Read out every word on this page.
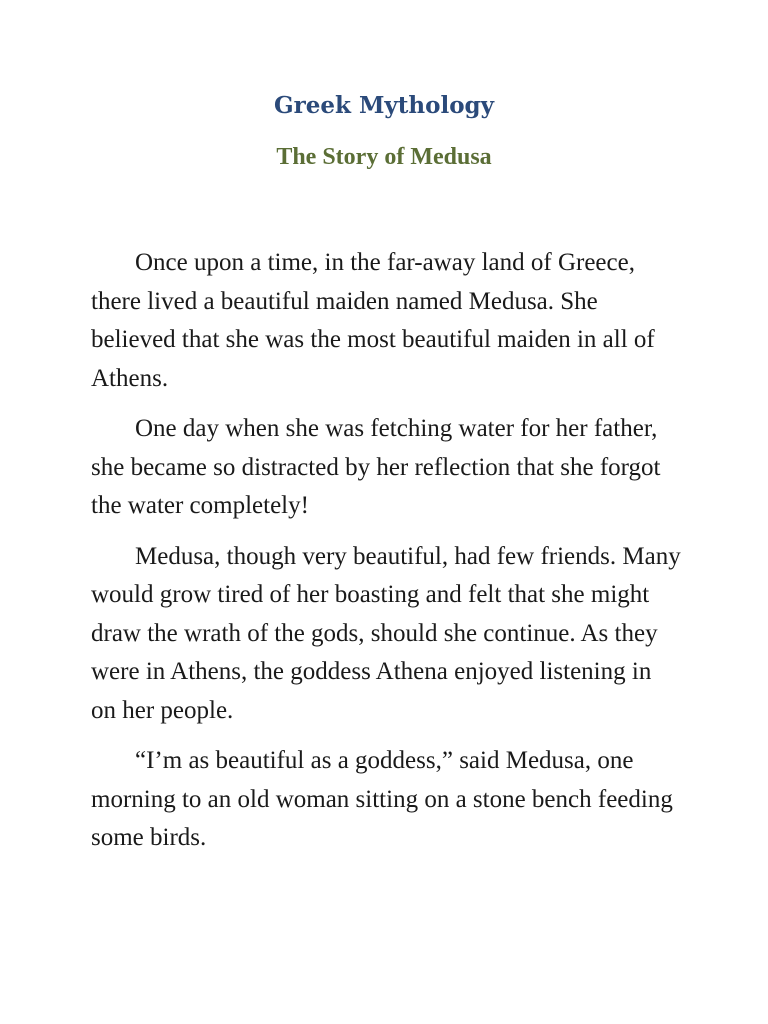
Greek Mythology
The Story of Medusa

Once upon a time, in the far-away land of Greece, there lived a beautiful maiden named Medusa. She believed that she was the most beautiful maiden in all of Athens.

One day when she was fetching water for her father, she became so distracted by her reflection that she forgot the water completely!

Medusa, though very beautiful, had few friends. Many would grow tired of her boasting and felt that she might draw the wrath of the gods, should she continue. As they were in Athens, the goddess Athena enjoyed listening in on her people.

“I’m as beautiful as a goddess,” said Medusa, one morning to an old woman sitting on a stone bench feeding some birds.
